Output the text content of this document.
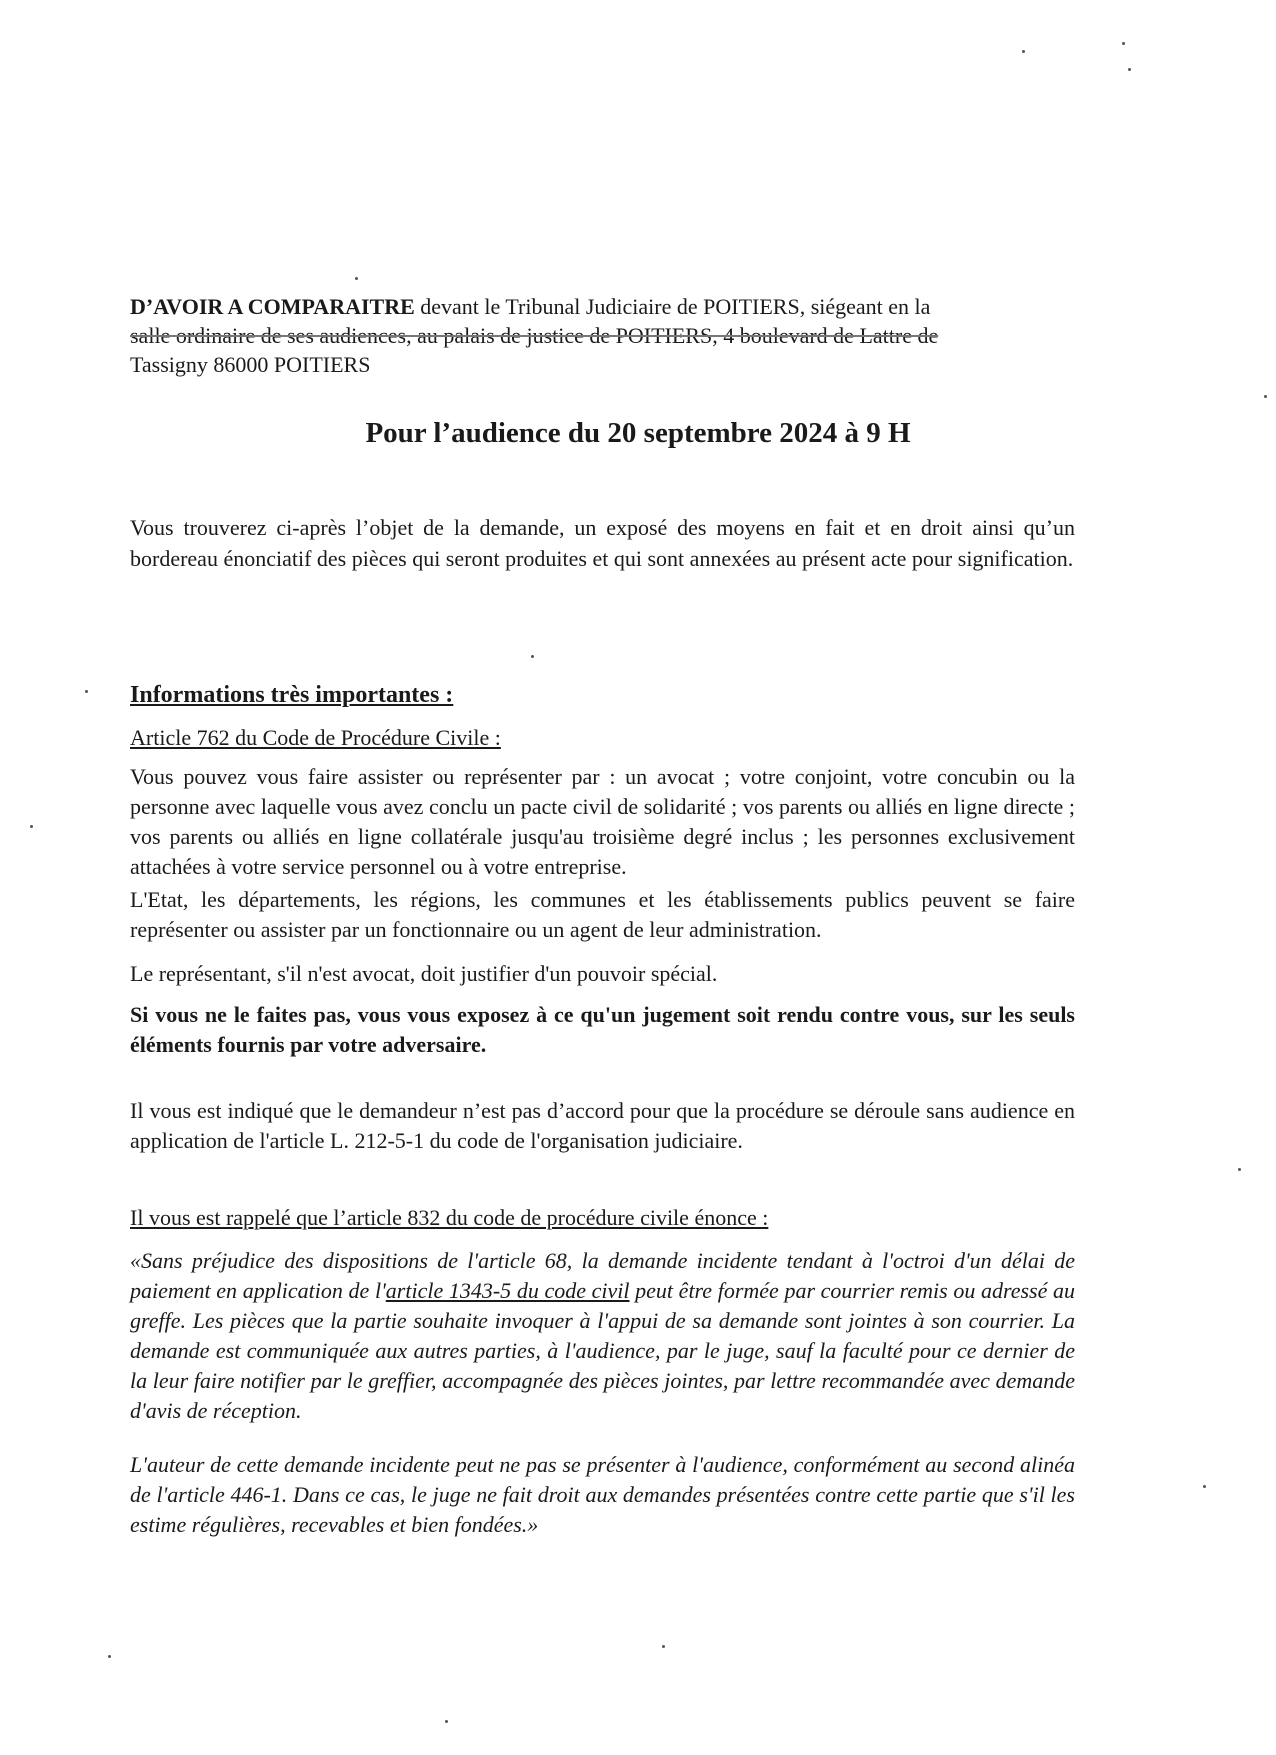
D’AVOIR A COMPARAITRE devant le Tribunal Judiciaire de POITIERS, siégeant en la

salle ordinaire de ses audiences, au palais de justice de POITIERS, 4 boulevard de Lattre de

Tassigny 86000 POITIERS

Pour l’audience du 20 septembre 2024 à 9 H
Vous trouverez ci-après l’objet de la demande, un exposé des moyens en fait et en droit ainsi qu’un bordereau énonciatif des pièces qui seront produites et qui sont annexées au présent acte pour signification.
Informations très importantes :
Article 762 du Code de Procédure Civile :
Vous pouvez vous faire assister ou représenter par : un avocat ; votre conjoint, votre concubin ou la personne avec laquelle vous avez conclu un pacte civil de solidarité ; vos parents ou alliés en ligne directe ; vos parents ou alliés en ligne collatérale jusqu'au troisième degré inclus ; les personnes exclusivement attachées à votre service personnel ou à votre entreprise.
L'Etat, les départements, les régions, les communes et les établissements publics peuvent se faire représenter ou assister par un fonctionnaire ou un agent de leur administration.
Le représentant, s'il n'est avocat, doit justifier d'un pouvoir spécial.
Si vous ne le faites pas, vous vous exposez à ce qu'un jugement soit rendu contre vous, sur les seuls éléments fournis par votre adversaire.
Il vous est indiqué que le demandeur n’est pas d’accord pour que la procédure se déroule sans audience en application de l'article L. 212-5-1 du code de l'organisation judiciaire.
Il vous est rappelé que l’article 832 du code de procédure civile énonce :
«Sans préjudice des dispositions de l'article 68, la demande incidente tendant à l'octroi d'un délai de paiement en application de l'article 1343-5 du code civil peut être formée par courrier remis ou adressé au greffe. Les pièces que la partie souhaite invoquer à l'appui de sa demande sont jointes à son courrier. La demande est communiquée aux autres parties, à l'audience, par le juge, sauf la faculté pour ce dernier de la leur faire notifier par le greffier, accompagnée des pièces jointes, par lettre recommandée avec demande d'avis de réception.
L'auteur de cette demande incidente peut ne pas se présenter à l'audience, conformément au second alinéa de l'article 446-1. Dans ce cas, le juge ne fait droit aux demandes présentées contre cette partie que s'il les estime régulières, recevables et bien fondées.»
